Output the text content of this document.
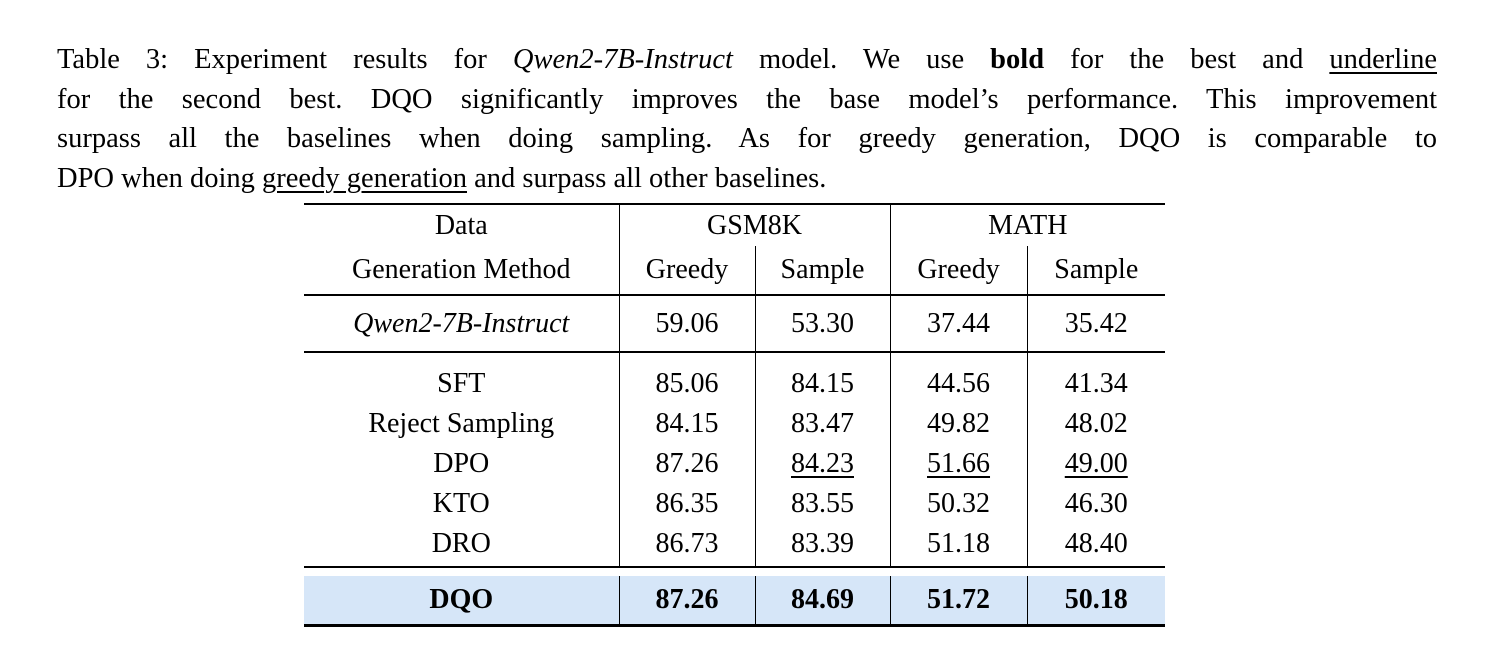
Table 3: Experiment results for Qwen2-7B-Instruct model. We use bold for the best and underline
for the second best. DQO significantly improves the base model’s performance. This improvement
surpass all the baselines when doing sampling. As for greedy generation, DQO is comparable to
DPO when doing greedy generation and surpass all other baselines.
Data	GSM8K		MATH	
Generation Method	Greedy	Sample	Greedy	Sample
Qwen2-7B-Instruct	59.06	53.30	37.44	35.42
SFT	85.06	84.15	44.56	41.34
Reject Sampling	84.15	83.47	49.82	48.02
DPO	87.26	84.23	51.66	49.00
KTO	86.35	83.55	50.32	46.30
DRO	86.73	83.39	51.18	48.40

DQO	87.26	84.69	51.72	50.18
